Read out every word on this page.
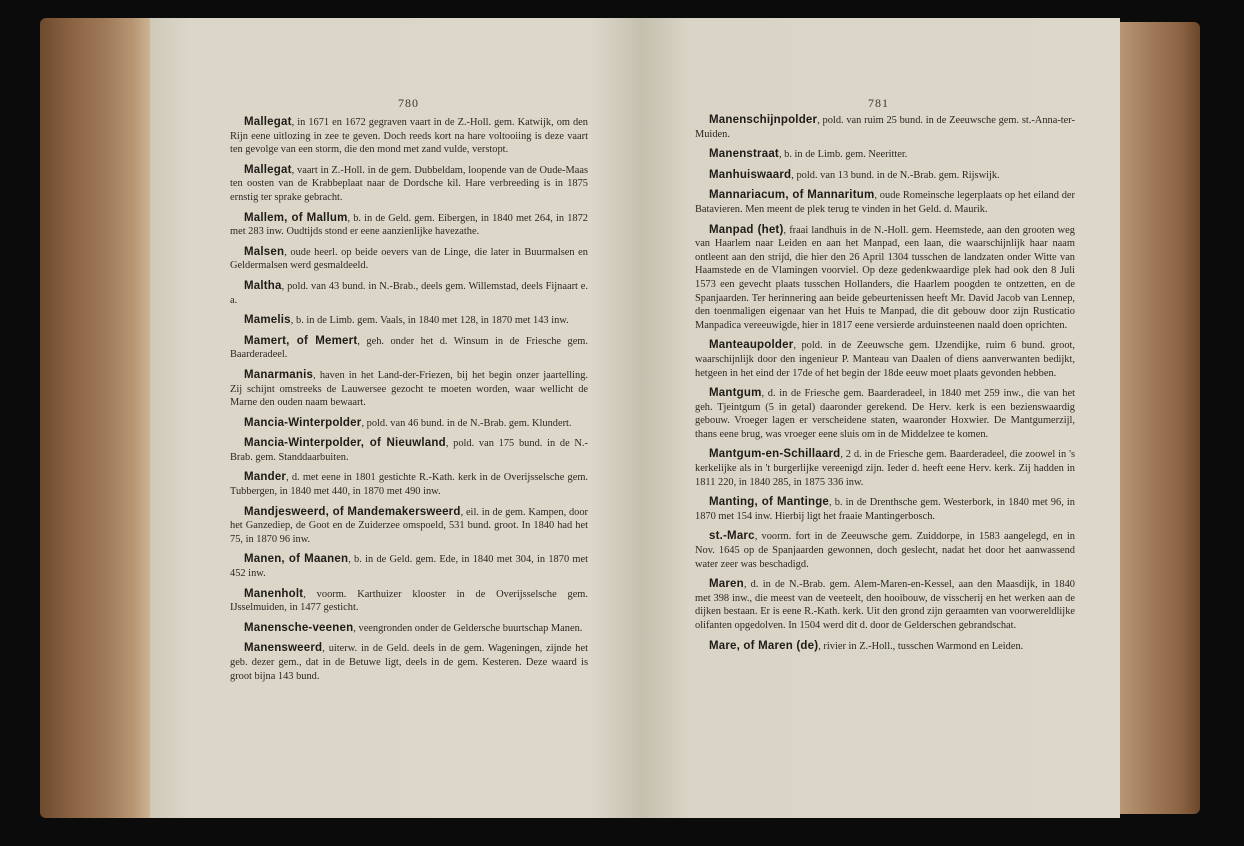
780

Mallegat, in 1671 en 1672 gegraven vaart in de Z.-Holl. gem. Katwijk, om den Rijn eene uitlozing in zee te geven. Doch reeds kort na hare voltooiing is deze vaart ten gevolge van een storm, die den mond met zand vulde, verstopt.

Mallegat, vaart in Z.-Holl. in de gem. Dubbeldam, loopende van de Oude-Maas ten oosten van de Krabbeplaat naar de Dordsche kil. Hare verbreeding is in 1875 ernstig ter sprake gebracht.

Mallem, of Mallum, b. in de Geld. gem. Eibergen, in 1840 met 264, in 1872 met 283 inw. Oudtijds stond er eene aanzienlijke havezathe.

Malsen, oude heerl. op beide oevers van de Linge, die later in Buurmalsen en Geldermalsen werd gesmaldeeld.

Maltha, pold. van 43 bund. in N.-Brab., deels gem. Willemstad, deels Fijnaart e. a.

Mamelis, b. in de Limb. gem. Vaals, in 1840 met 128, in 1870 met 143 inw.

Mamert, of Memert, geh. onder het d. Winsum in de Friesche gem. Baarderadeel.

Manarmanis, haven in het Land-der-Friezen, bij het begin onzer jaartelling. Zij schijnt omstreeks de Lauwersee gezocht te moeten worden, waar wellicht de Marne den ouden naam bewaart.

Mancia-Winterpolder, pold. van 46 bund. in de N.-Brab. gem. Klundert.

Mancia-Winterpolder, of Nieuwland, pold. van 175 bund. in de N.-Brab. gem. Standdaarbuiten.

Mander, d. met eene in 1801 gestichte R.-Kath. kerk in de Overijsselsche gem. Tubbergen, in 1840 met 440, in 1870 met 490 inw.

Mandjesweerd, of Mandemakersweerd, eil. in de gem. Kampen, door het Ganzediep, de Goot en de Zuiderzee omspoeld, 531 bund. groot. In 1840 had het 75, in 1870 96 inw.

Manen, of Maanen, b. in de Geld. gem. Ede, in 1840 met 304, in 1870 met 452 inw.

Manenholt, voorm. Karthuizer klooster in de Overijsselsche gem. IJsselmuiden, in 1477 gesticht.

Manensche-veenen, veengronden onder de Geldersche buurtschap Manen.

Manensweerd, uiterw. in de Geld. deels in de gem. Wageningen, zijnde het geb. dezer gem., dat in de Betuwe ligt, deels in de gem. Kesteren. Deze waard is groot bijna 143 bund.

781

Manenschijnpolder, pold. van ruim 25 bund. in de Zeeuwsche gem. st.-Anna-ter-Muiden.

Manenstraat, b. in de Limb. gem. Neeritter.

Manhuiswaard, pold. van 13 bund. in de N.-Brab. gem. Rijswijk.

Mannariacum, of Mannaritum, oude Romeinsche legerplaats op het eiland der Batavieren. Men meent de plek terug te vinden in het Geld. d. Maurik.

Manpad (het), fraai landhuis in de N.-Holl. gem. Heemstede, aan den grooten weg van Haarlem naar Leiden en aan het Manpad, een laan, die waarschijnlijk haar naam ontleent aan den strijd, die hier den 26 April 1304 tusschen de landzaten onder Witte van Haamstede en de Vlamingen voorviel. Op deze gedenkwaardige plek had ook den 8 Juli 1573 een gevecht plaats tusschen Hollanders, die Haarlem poogden te ontzetten, en de Spanjaarden. Ter herinnering aan beide gebeurtenissen heeft Mr. David Jacob van Lennep, den toenmaligen eigenaar van het Huis te Manpad, die dit gebouw door zijn Rusticatio Manpadica vereeuwigde, hier in 1817 eene versierde arduinsteenen naald doen oprichten.

Manteaupolder, pold. in de Zeeuwsche gem. IJzendijke, ruim 6 bund. groot, waarschijnlijk door den ingenieur P. Manteau van Daalen of diens aanverwanten bedijkt, hetgeen in het eind der 17de of het begin der 18de eeuw moet plaats gevonden hebben.

Mantgum, d. in de Friesche gem. Baarderadeel, in 1840 met 259 inw., die van het geh. Tjeintgum (5 in getal) daaronder gerekend. De Herv. kerk is een bezienswaardig gebouw. Vroeger lagen er verscheidene staten, waaronder Hoxwier. De Mantgumerzijl, thans eene brug, was vroeger eene sluis om in de Middelzee te komen.

Mantgum-en-Schillaard, 2 d. in de Friesche gem. Baarderadeel, die zoowel in 's kerkelijke als in 't burgerlijke vereenigd zijn. Ieder d. heeft eene Herv. kerk. Zij hadden in 1811 220, in 1840 285, in 1875 336 inw.

Manting, of Mantinge, b. in de Drenthsche gem. Westerbork, in 1840 met 96, in 1870 met 154 inw. Hierbij ligt het fraaie Mantingerbosch.

st.-Marc, voorm. fort in de Zeeuwsche gem. Zuiddorpe, in 1583 aangelegd, en in Nov. 1645 op de Spanjaarden gewonnen, doch geslecht, nadat het door het aanwassend water zeer was beschadigd.

Maren, d. in de N.-Brab. gem. Alem-Maren-en-Kessel, aan den Maasdijk, in 1840 met 398 inw., die meest van de veeteelt, den hooibouw, de visscherij en het werken aan de dijken bestaan. Er is eene R.-Kath. kerk. Uit den grond zijn geraamten van voorwereldlijke olifanten opgedolven. In 1504 werd dit d. door de Gelderschen gebrandschat.

Mare, of Maren (de), rivier in Z.-Holl., tusschen Warmond en Leiden.
